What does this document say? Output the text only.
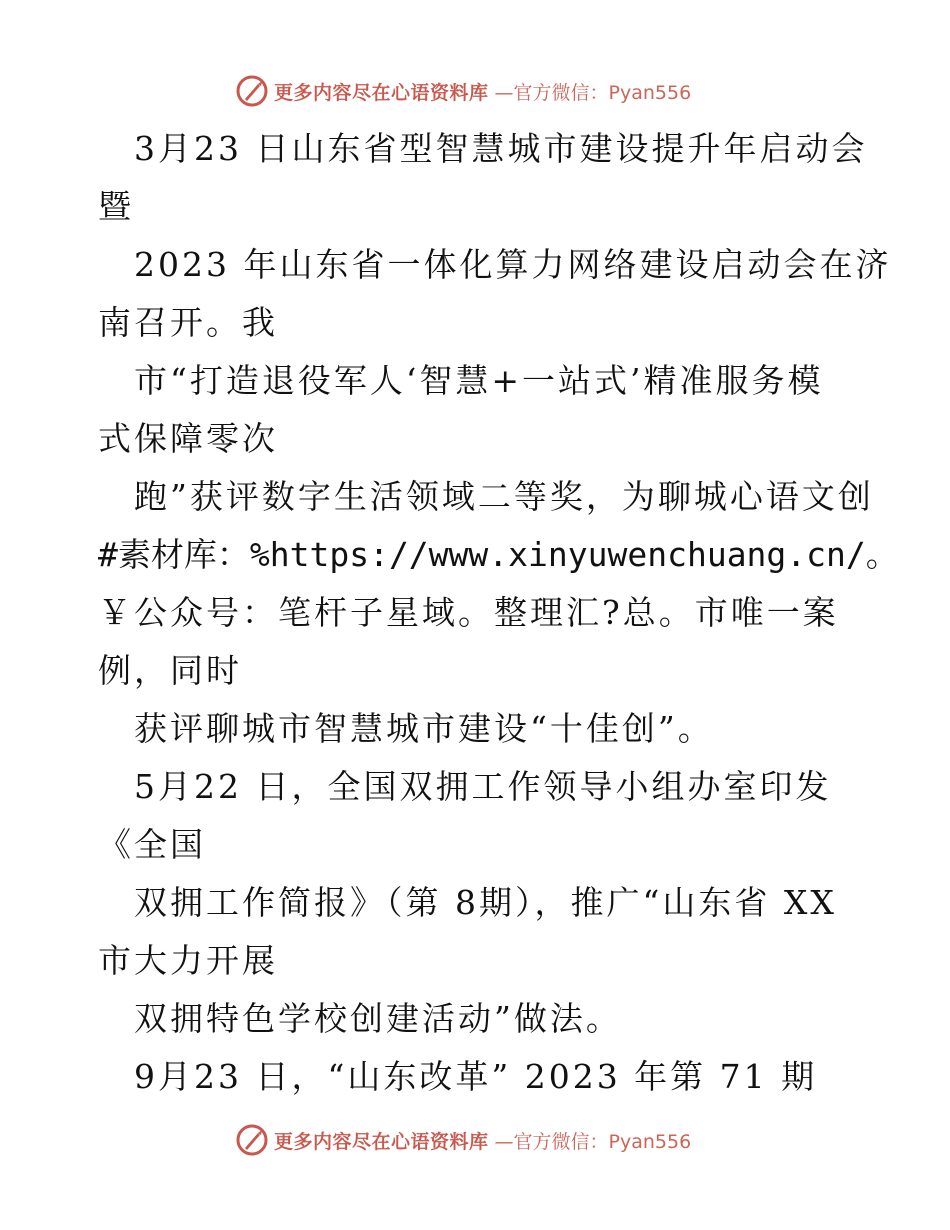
更多内容尽在心语资料库 —官方微信：Pyan556
3月23 日山东省型智慧城市建设提升年启动会
暨
2023 年山东省一体化算力网络建设启动会在济
南召开。我
市“打造退役军人‘智慧+一站式’精准服务模
式保障零次
跑”获评数字生活领域二等奖，为聊城心语文创
#素材库：%https://www.xinyuwenchuang.cn/。
￥公众号：笔杆子星域。整理汇?总。市唯一案
例，同时
获评聊城市智慧城市建设“十佳创”。
5月22 日，全国双拥工作领导小组办室印发
《全国
双拥工作简报》（第 8期），推广“山东省 XX
市大力开展
双拥特色学校创建活动”做法。
9月23 日，“山东改革” 2023 年第 71 期
更多内容尽在心语资料库 —官方微信：Pyan556
